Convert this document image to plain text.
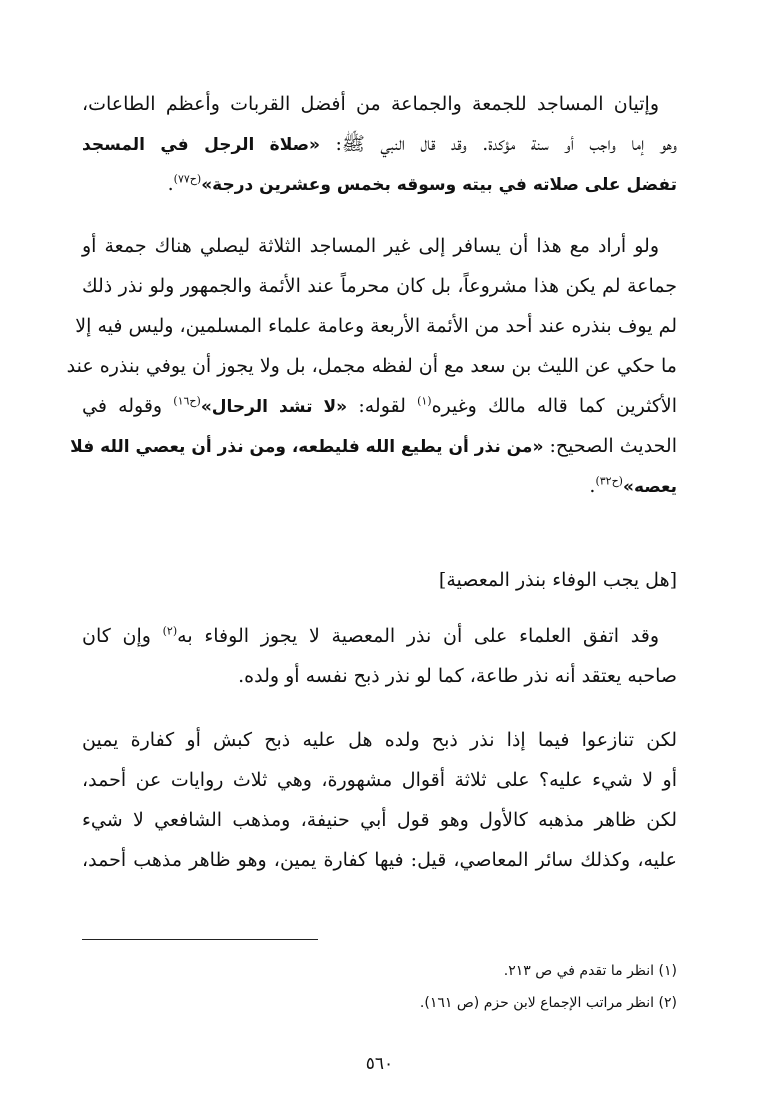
وإتيان المساجد للجمعة والجماعة من أفضل القربات وأعظم الطاعات،
وهو إما واجب أو سنة مؤكدة. وقد قال النبي ﷺ: «صلاة الرجل في المسجد
تفضل على صلاته في بيته وسوقه بخمس وعشرين درجة»$^{(ح٧٧)}$.
ولو أراد مع هذا أن يسافر إلى غير المساجد الثلاثة ليصلي هناك جمعة أو
جماعة لم يكن هذا مشروعاً، بل كان محرماً عند الأئمة والجمهور ولو نذر ذلك
لم يوف بنذره عند أحد من الأئمة الأربعة وعامة علماء المسلمين، وليس فيه إلا
ما حكي عن الليث بن سعد مع أن لفظه مجمل، بل ولا يجوز أن يوفي بنذره عند
الأكثرين كما قاله مالك وغيره$^{(١)}$ لقوله: «لا تشد الرحال»$^{(ح١٦)}$ وقوله في
الحديث الصحيح: «من نذر أن يطيع الله فليطعه، ومن نذر أن يعصي الله فلا
يعصه»$^{(ح٣٢)}$.
[هل يجب الوفاء بنذر المعصية]
وقد اتفق العلماء على أن نذر المعصية لا يجوز الوفاء به$^{(٢)}$ وإن كان
صاحبه يعتقد أنه نذر طاعة، كما لو نذر ذبح نفسه أو ولده.
لكن تنازعوا فيما إذا نذر ذبح ولده هل عليه ذبح كبش أو كفارة يمين
أو لا شيء عليه؟ على ثلاثة أقوال مشهورة، وهي ثلاث روايات عن أحمد،
لكن ظاهر مذهبه كالأول وهو قول أبي حنيفة، ومذهب الشافعي لا شيء
عليه، وكذلك سائر المعاصي، قيل: فيها كفارة يمين، وهو ظاهر مذهب أحمد،
(١) انظر ما تقدم في ص ٢١٣.
(٢) انظر مراتب الإجماع لابن حزم (ص ١٦١).
٥٦٠
